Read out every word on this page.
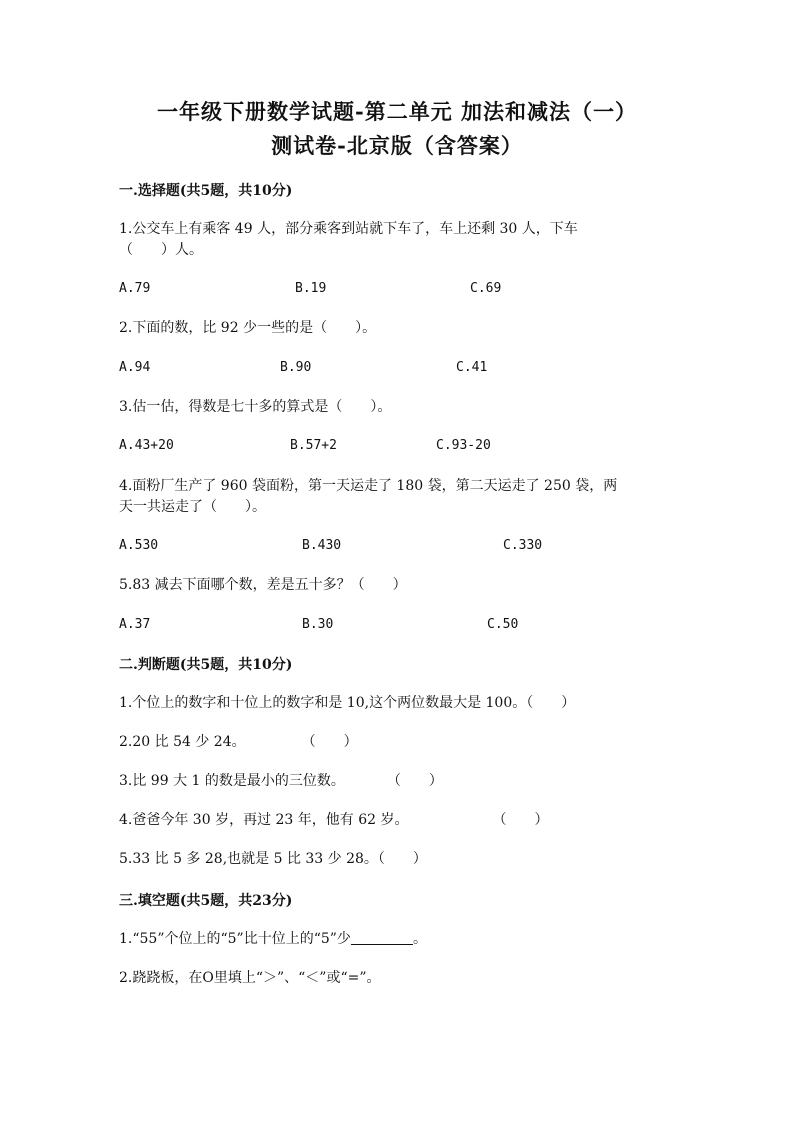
一年级下册数学试题-第二单元 加法和减法（一）
测试卷-北京版（含答案）
一.选择题(共5题，共10分)
1.公交车上有乘客 49 人，部分乘客到站就下车了，车上还剩 30 人，下车
（　　）人。
A.79	B.19	C.69
2.下面的数，比 92 少一些的是（　　）。
A.94	B.90	C.41
3.估一估，得数是七十多的算式是（　　）。
A.43+20	B.57+2	C.93-20
4.面粉厂生产了 960 袋面粉，第一天运走了 180 袋，第二天运走了 250 袋，两
天一共运走了（　　）。
A.530	B.430	C.330
5.83 减去下面哪个数，差是五十多？（　　）
A.37	B.30	C.50
二.判断题(共5题，共10分)
1.个位上的数字和十位上的数字和是 10,这个两位数最大是 100。（　　）
2.20 比 54 少 24。　　　　　（　　）
3.比 99 大 1 的数是最小的三位数。　　　　（　　）
4.爸爸今年 30 岁，再过 23 年，他有 62 岁。　　　　　　　（　　）
5.33 比 5 多 28,也就是 5 比 33 少 28。（　　）
三.填空题(共5题，共23分)
1.“55”个位上的“5”比十位上的“5”少	。
2.跷跷板，在O里填上“＞”、“＜”或“=”。
